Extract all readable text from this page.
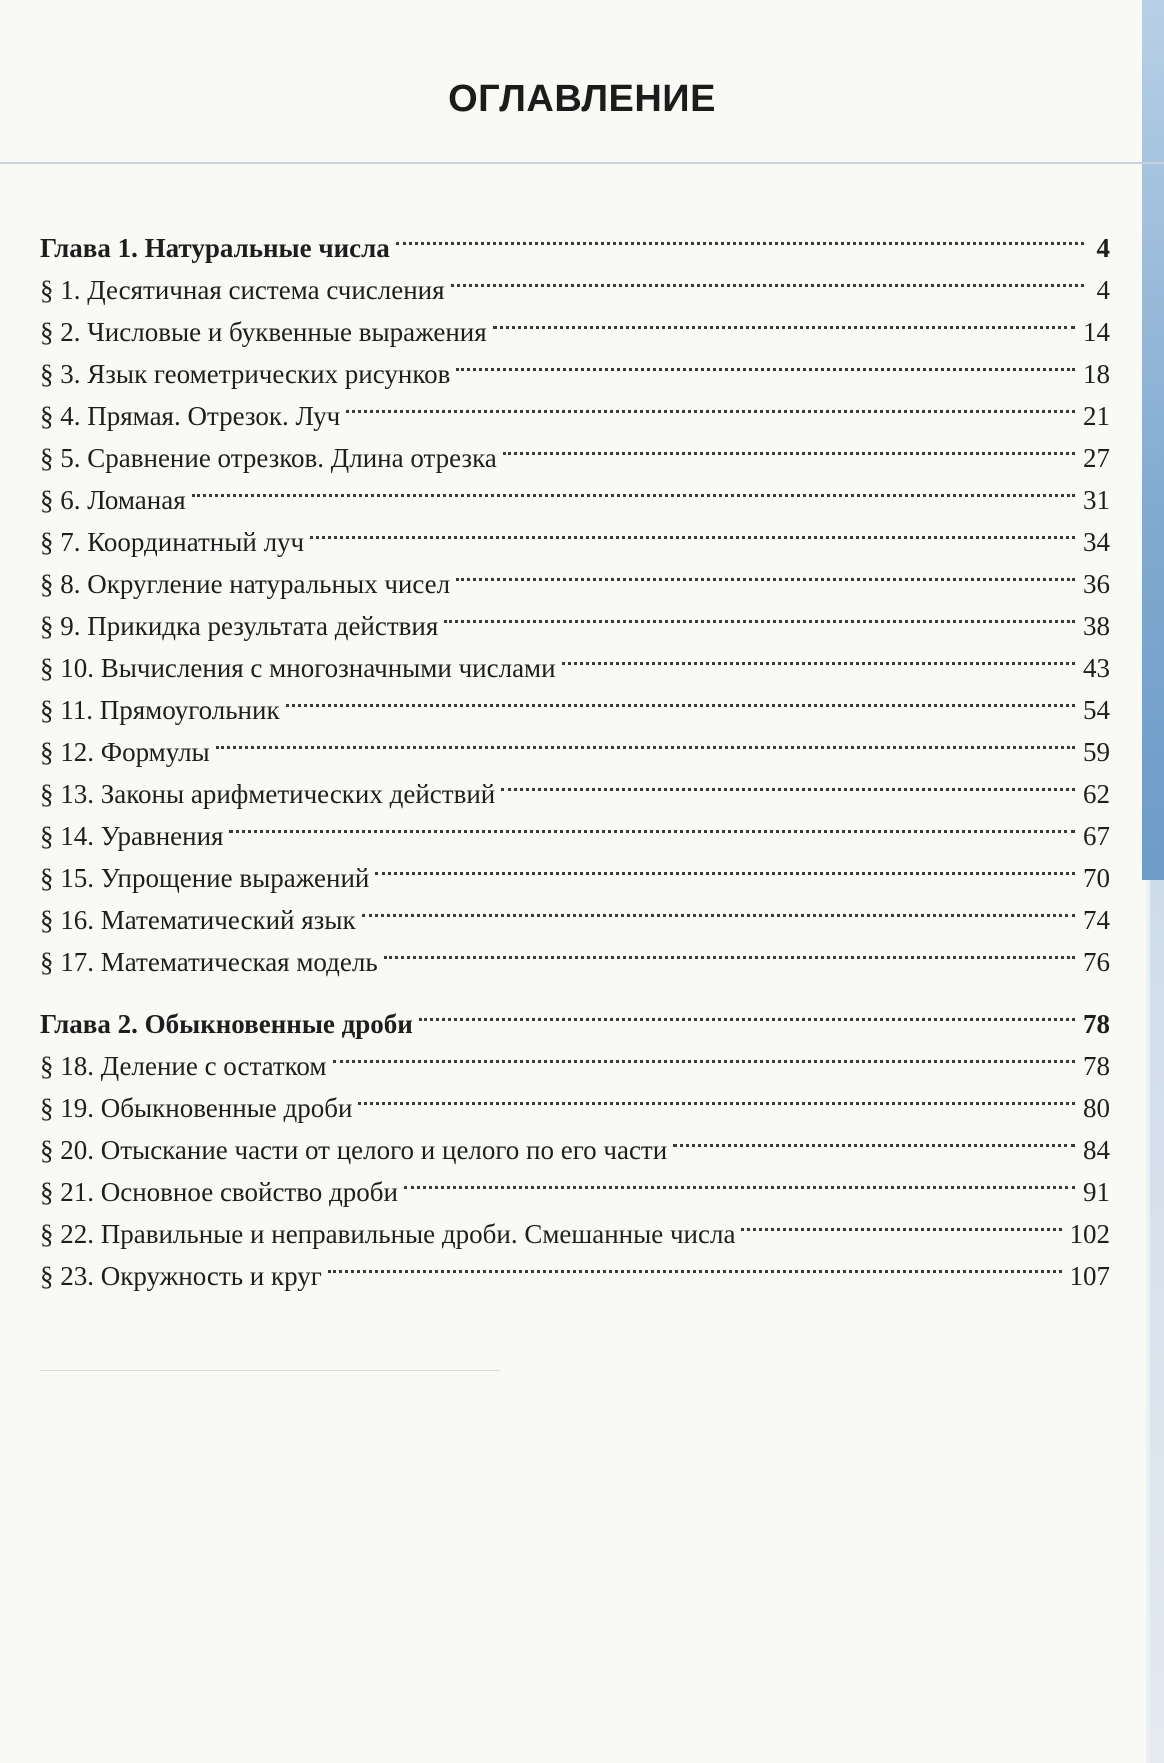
ОГЛАВЛЕНИЕ
Глава 1. Натуральные числа	4
§ 1. Десятичная система счисления	4
§ 2. Числовые и буквенные выражения	14
§ 3. Язык геометрических рисунков	18
§ 4. Прямая. Отрезок. Луч	21
§ 5. Сравнение отрезков. Длина отрезка	27
§ 6. Ломаная	31
§ 7. Координатный луч	34
§ 8. Округление натуральных чисел	36
§ 9. Прикидка результата действия	38
§ 10. Вычисления с многозначными числами	43
§ 11. Прямоугольник	54
§ 12. Формулы	59
§ 13. Законы арифметических действий	62
§ 14. Уравнения	67
§ 15. Упрощение выражений	70
§ 16. Математический язык	74
§ 17. Математическая модель	76
Глава 2. Обыкновенные дроби	78
§ 18. Деление с остатком	78
§ 19. Обыкновенные дроби	80
§ 20. Отыскание части от целого и целого по его части	84
§ 21. Основное свойство дроби	91
§ 22. Правильные и неправильные дроби. Смешанные числа	102
§ 23. Окружность и круг	107
